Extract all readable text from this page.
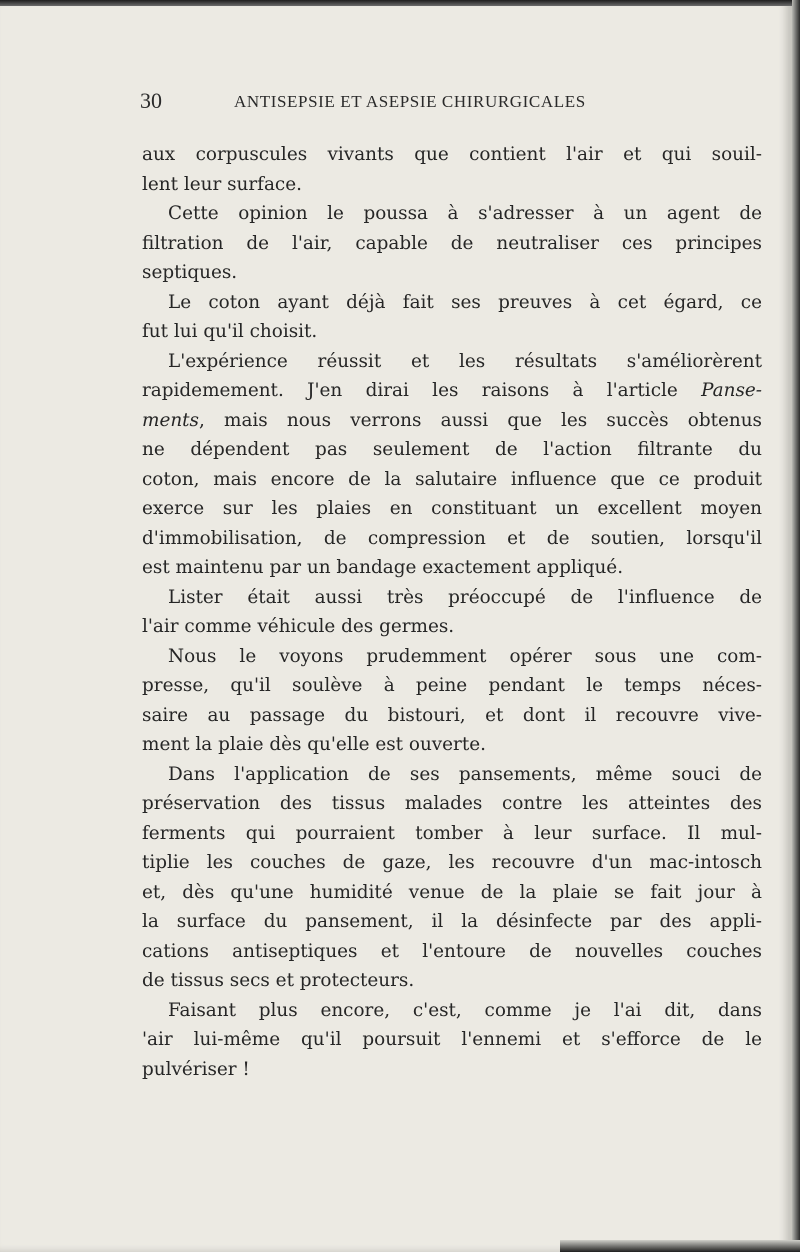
30	ANTISEPSIE ET ASEPSIE CHIRURGICALES
aux corpuscules vivants que contient l'air et qui souil-
lent leur surface.
Cette opinion le poussa à s'adresser à un agent de
filtration de l'air, capable de neutraliser ces principes
septiques.
Le coton ayant déjà fait ses preuves à cet égard, ce
fut lui qu'il choisit.
L'expérience réussit et les résultats s'améliorèrent
rapidemement. J'en dirai les raisons à l'article Panse-
ments, mais nous verrons aussi que les succès obtenus
ne dépendent pas seulement de l'action filtrante du
coton, mais encore de la salutaire influence que ce produit
exerce sur les plaies en constituant un excellent moyen
d'immobilisation, de compression et de soutien, lorsqu'il
est maintenu par un bandage exactement appliqué.
Lister était aussi très préoccupé de l'influence de
l'air comme véhicule des germes.
Nous le voyons prudemment opérer sous une com-
presse, qu'il soulève à peine pendant le temps néces-
saire au passage du bistouri, et dont il recouvre vive-
ment la plaie dès qu'elle est ouverte.
Dans l'application de ses pansements, même souci de
préservation des tissus malades contre les atteintes des
ferments qui pourraient tomber à leur surface. Il mul-
tiplie les couches de gaze, les recouvre d'un mac-intosch
et, dès qu'une humidité venue de la plaie se fait jour à
la surface du pansement, il la désinfecte par des appli-
cations antiseptiques et l'entoure de nouvelles couches
de tissus secs et protecteurs.
Faisant plus encore, c'est, comme je l'ai dit, dans
'air lui-même qu'il poursuit l'ennemi et s'efforce de le
pulvériser !
